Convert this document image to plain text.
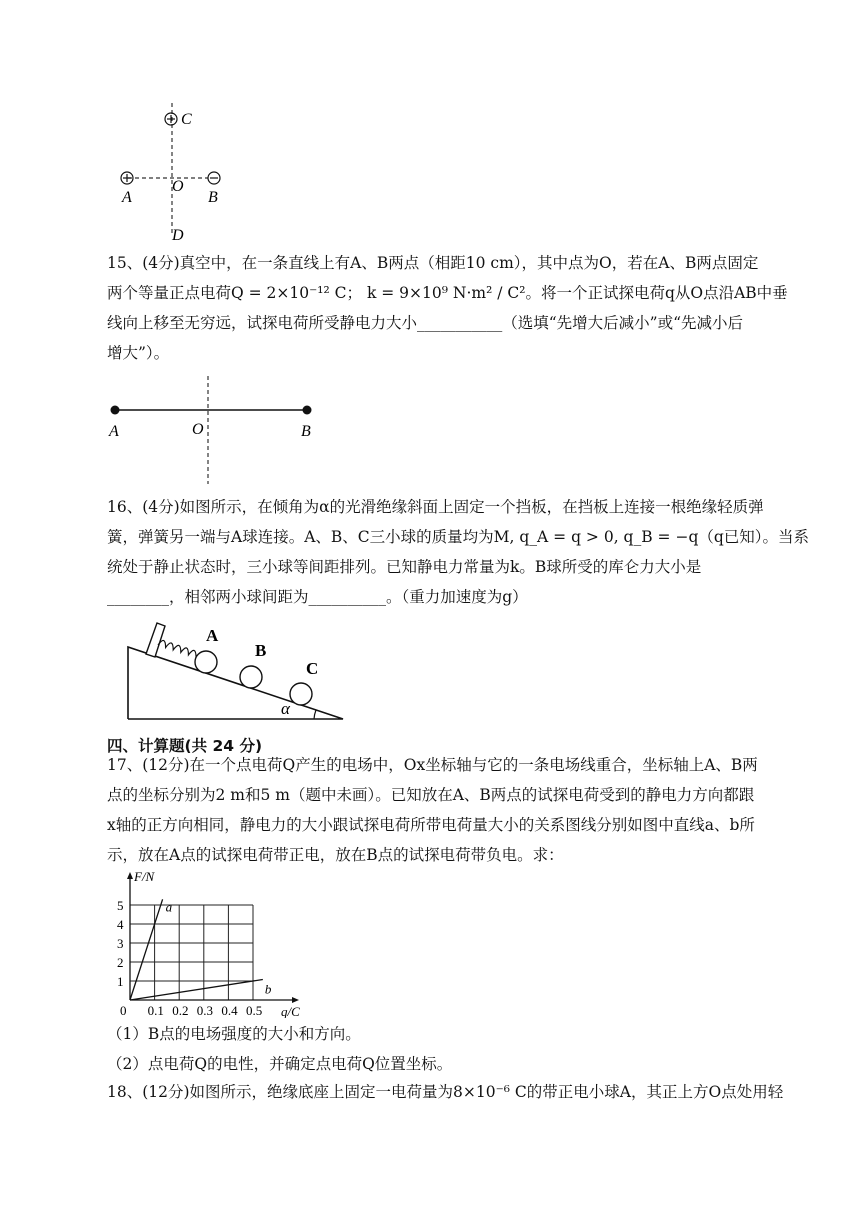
C
O
A	B
D
15、(4分)真空中，在一条直线上有A、B两点（相距10 cm），其中点为O，若在A、B两点固定
两个等量正点电荷Q = 2×10⁻¹² C； k = 9×10⁹ N·m² / C²。将一个正试探电荷q从O点沿AB中垂
线向上移至无穷远，试探电荷所受静电力大小___________（选填“先增大后减小”或“先减小后
增大”）。
A	O	B
16、(4分)如图所示，在倾角为α的光滑绝缘斜面上固定一个挡板，在挡板上连接一根绝缘轻质弹
簧，弹簧另一端与A球连接。A、B、C三小球的质量均为M, q_A = q > 0, q_B = −q（q已知）。当系
统处于静止状态时，三小球等间距排列。已知静电力常量为k。B球所受的库仑力大小是
________，相邻两小球间距为__________。（重力加速度为g）
A
B
C
α
四、计算题(共 24 分)
17、(12分)在一个点电荷Q产生的电场中，Ox坐标轴与它的一条电场线重合，坐标轴上A、B两
点的坐标分别为2 m和5 m（题中未画）。已知放在A、B两点的试探电荷受到的静电力方向都跟
x轴的正方向相同，静电力的大小跟试探电荷所带电荷量大小的关系图线分别如图中直线a、b所
示，放在A点的试探电荷带正电，放在B点的试探电荷带负电。求：
1
2
3
4
5
0 0.1 0.2 0.3 0.4 0.5
F/N
q/C
a
b
（1）B点的电场强度的大小和方向。
（2）点电荷Q的电性，并确定点电荷Q位置坐标。
18、(12分)如图所示，绝缘底座上固定一电荷量为8×10⁻⁶ C的带正电小球A，其正上方O点处用轻
